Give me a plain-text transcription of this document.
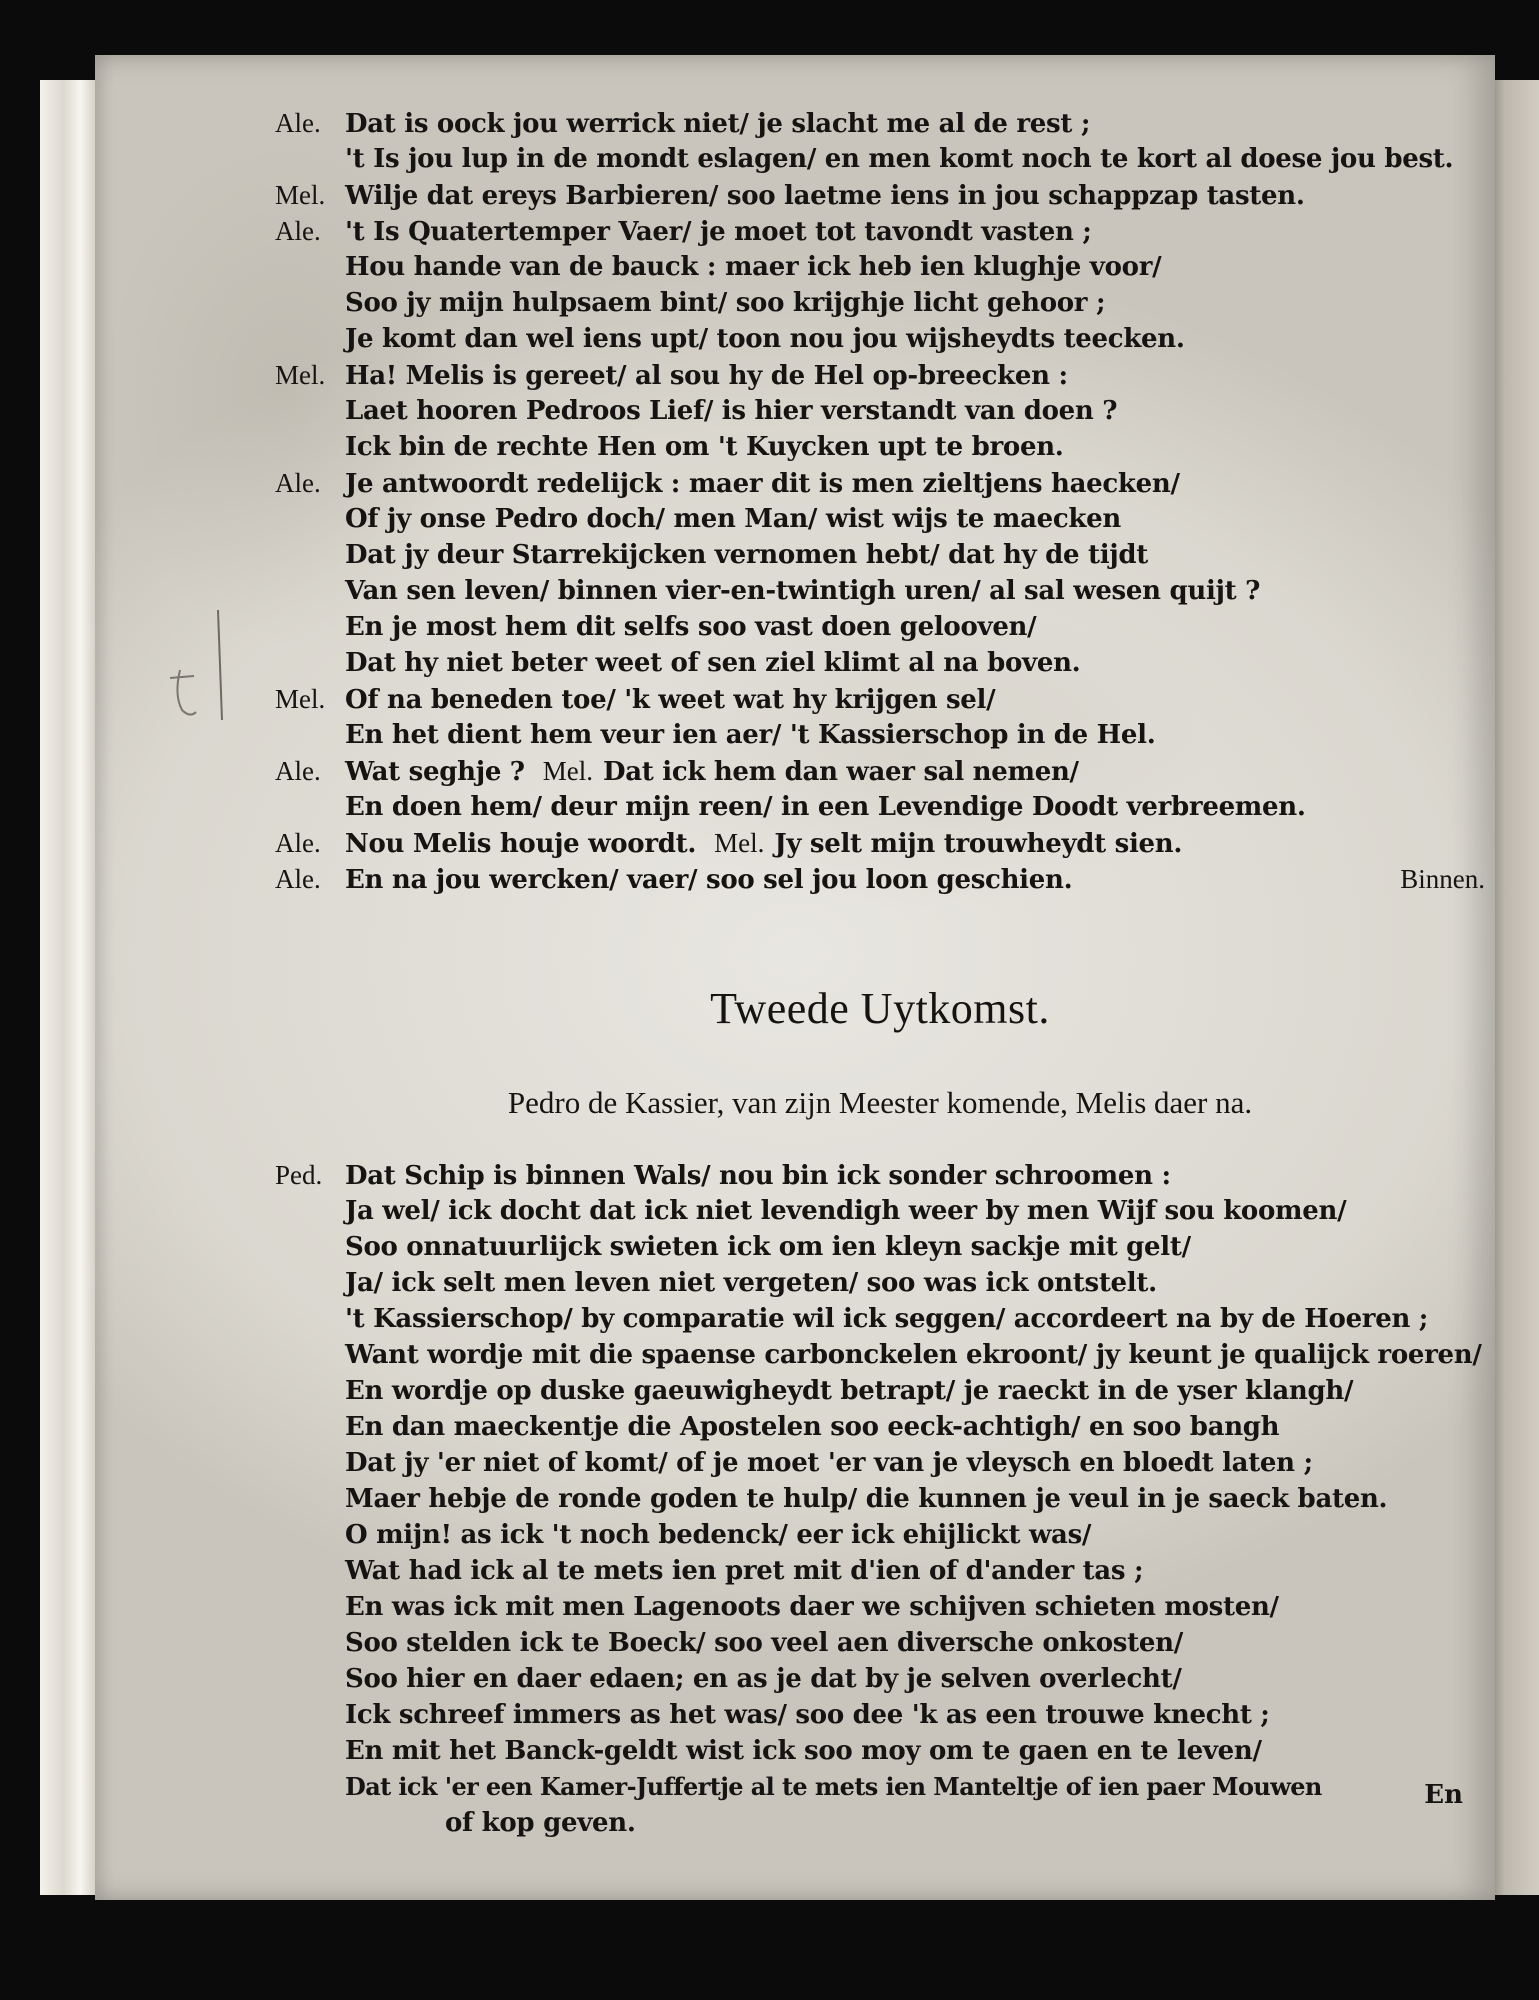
Ale. Dat is oock jou werrick niet/ je slacht me al de rest ;
't Is jou lup in de mondt eslagen/ en men komt noch te kort al doese jou best.
Mel. Wilje dat ereys Barbieren/ soo laetme iens in jou schappzap tasten.
Ale. 't Is Quatertemper Vaer/ je moet tot tavondt vasten ;
Hou hande van de bauck : maer ick heb ien klughje voor/
Soo jy mijn hulpsaem bint/ soo krijghje licht gehoor ;
Je komt dan wel iens upt/ toon nou jou wijsheydts teecken.
Mel. Ha! Melis is gereet/ al sou hy de Hel op-breecken :
Laet hooren Pedroos Lief/ is hier verstandt van doen ?
Ick bin de rechte Hen om 't Kuycken upt te broen.
Ale. Je antwoordt redelijck : maer dit is men zieltjens haecken/
Of jy onse Pedro doch/ men Man/ wist wijs te maecken
Dat jy deur Starrekijcken vernomen hebt/ dat hy de tijdt
Van sen leven/ binnen vier-en-twintigh uren/ al sal wesen quijt ?
En je most hem dit selfs soo vast doen gelooven/
Dat hy niet beter weet of sen ziel klimt al na boven.
Mel. Of na beneden toe/ 'k weet wat hy krijgen sel/
En het dient hem veur ien aer/ 't Kassierschop in de Hel.
Ale. Wat seghje ? Mel. Dat ick hem dan waer sal nemen/
En doen hem/ deur mijn reen/ in een Levendige Doodt verbreemen.
Ale. Nou Melis houje woordt. Mel. Jy selt mijn trouwheydt sien.
Ale. En na jou wercken/ vaer/ soo sel jou loon geschien.	Binnen.
Tweede Uytkomst.
Pedro de Kassier, van zijn Meester komende, Melis daer na.
Ped. Dat Schip is binnen Wals/ nou bin ick sonder schroomen :
Ja wel/ ick docht dat ick niet levendigh weer by men Wijf sou koomen/
Soo onnatuurlijck swieten ick om ien kleyn sackje mit gelt/
Ja/ ick selt men leven niet vergeten/ soo was ick ontstelt.
't Kassierschop/ by comparatie wil ick seggen/ accordeert na by de Hoeren ;
Want wordje mit die spaense carbonckelen ekroont/ jy keunt je qualijck roeren/
En wordje op duske gaeuwigheydt betrapt/ je raeckt in de yser klangh/
En dan maeckentje die Apostelen soo eeck-achtigh/ en soo bangh
Dat jy 'er niet of komt/ of je moet 'er van je vleysch en bloedt laten ;
Maer hebje de ronde goden te hulp/ die kunnen je veul in je saeck baten.
O mijn! as ick 't noch bedenck/ eer ick ehijlickt was/
Wat had ick al te mets ien pret mit d'ien of d'ander tas ;
En was ick mit men Lagenoots daer we schijven schieten mosten/
Soo stelden ick te Boeck/ soo veel aen diversche onkosten/
Soo hier en daer edaen; en as je dat by je selven overlecht/
Ick schreef immers as het was/ soo dee 'k as een trouwe knecht ;
En mit het Banck-geldt wist ick soo moy om te gaen en te leven/
Dat ick 'er een Kamer-Juffertje al te mets ien Manteltje of ien paer Mouwen
of kop geven.
En
